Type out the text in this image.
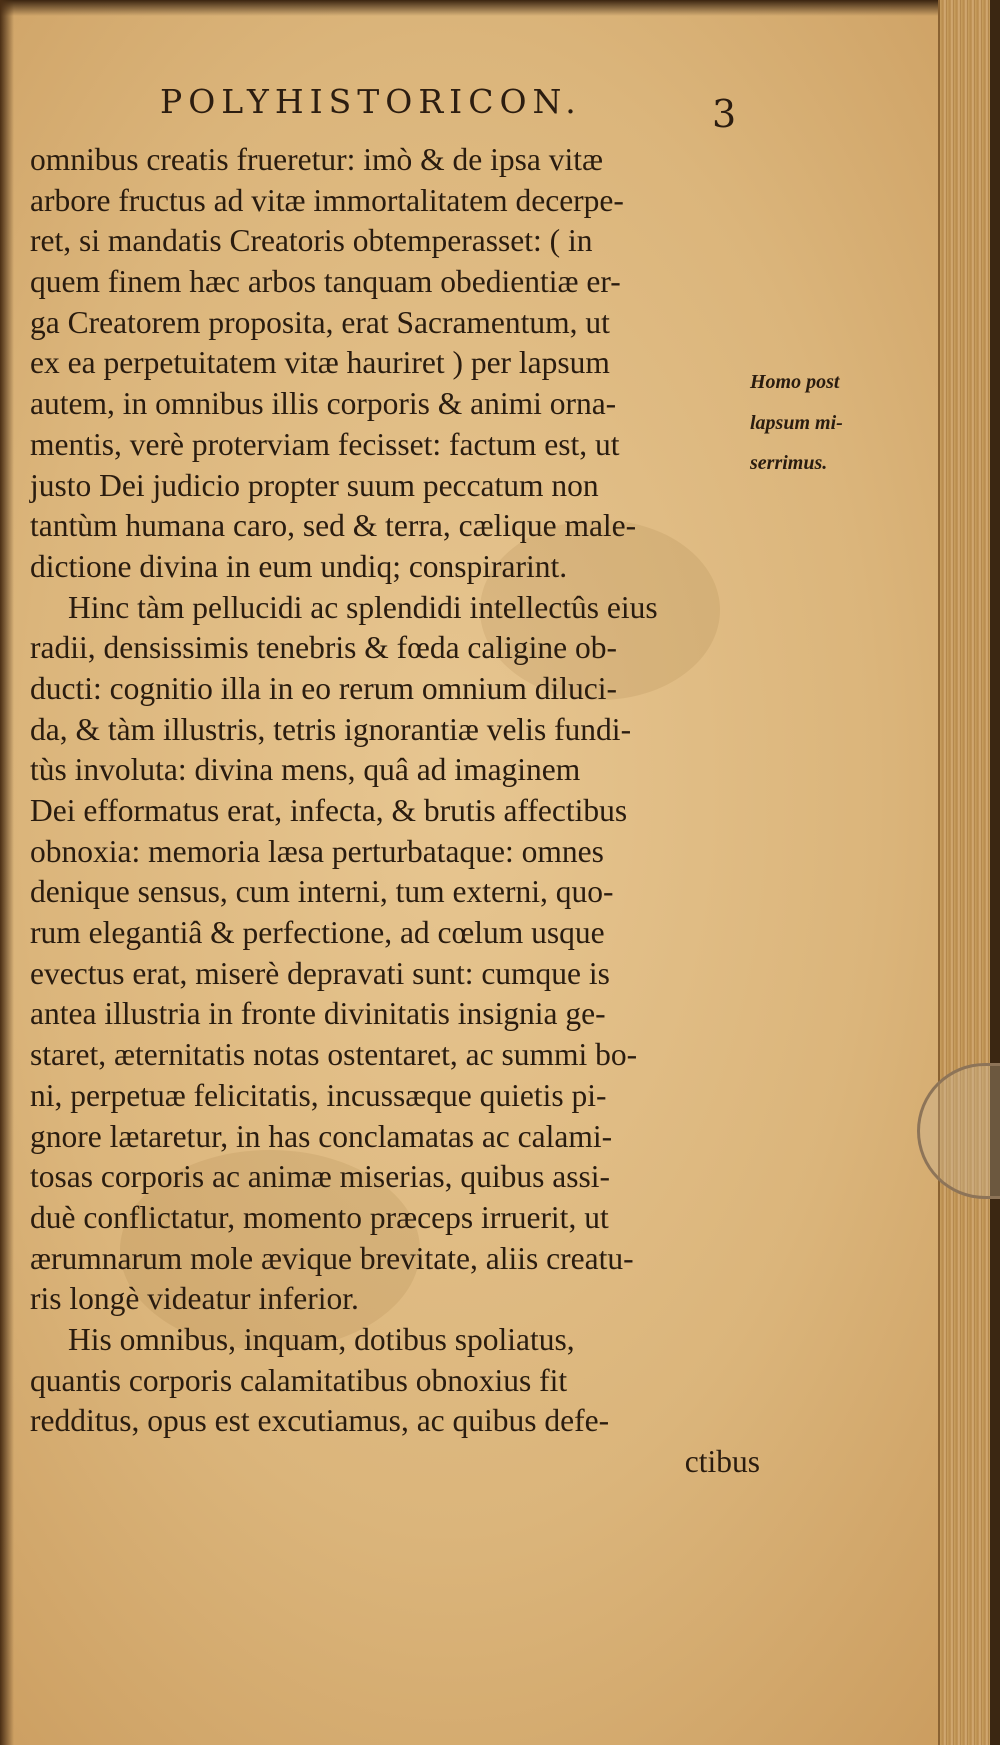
POLYHISTORICON.	3
omnibus creatis frueretur: imò & de ipsa vitæ
arbore fructus ad vitæ immortalitatem decerpe-
ret, si mandatis Creatoris obtemperasset: ( in
quem finem hæc arbos tanquam obedientiæ er-
ga Creatorem proposita, erat Sacramentum, ut
ex ea perpetuitatem vitæ hauriret ) per lapsum
autem, in omnibus illis corporis & animi orna-
mentis, verè proterviam fecisset: factum est, ut
justo Dei judicio propter suum peccatum non
tantùm humana caro, sed & terra, cælique male-
dictione divina in eum undiq; conspirarint.
Hinc tàm pellucidi ac splendidi intellectûs eius
radii, densissimis tenebris & fœda caligine ob-
ducti: cognitio illa in eo rerum omnium diluci-
da, & tàm illustris, tetris ignorantiæ velis fundi-
tùs involuta: divina mens, quâ ad imaginem
Dei efformatus erat, infecta, & brutis affectibus
obnoxia: memoria læsa perturbataque: omnes
denique sensus, cum interni, tum externi, quo-
rum elegantiâ & perfectione, ad cœlum usque
evectus erat, miserè depravati sunt: cumque is
antea illustria in fronte divinitatis insignia ge-
staret, æternitatis notas ostentaret, ac summi bo-
ni, perpetuæ felicitatis, incussæque quietis pi-
gnore lætaretur, in has conclamatas ac calami-
tosas corporis ac animæ miserias, quibus assi-
duè conflictatur, momento præceps irruerit, ut
ærumnarum mole ævique brevitate, aliis creatu-
ris longè videatur inferior.
His omnibus, inquam, dotibus spoliatus,
quantis corporis calamitatibus obnoxius fit
redditus, opus est excutiamus, ac quibus defe-
ctibus
Homo post
lapsum mi-
serrimus.
